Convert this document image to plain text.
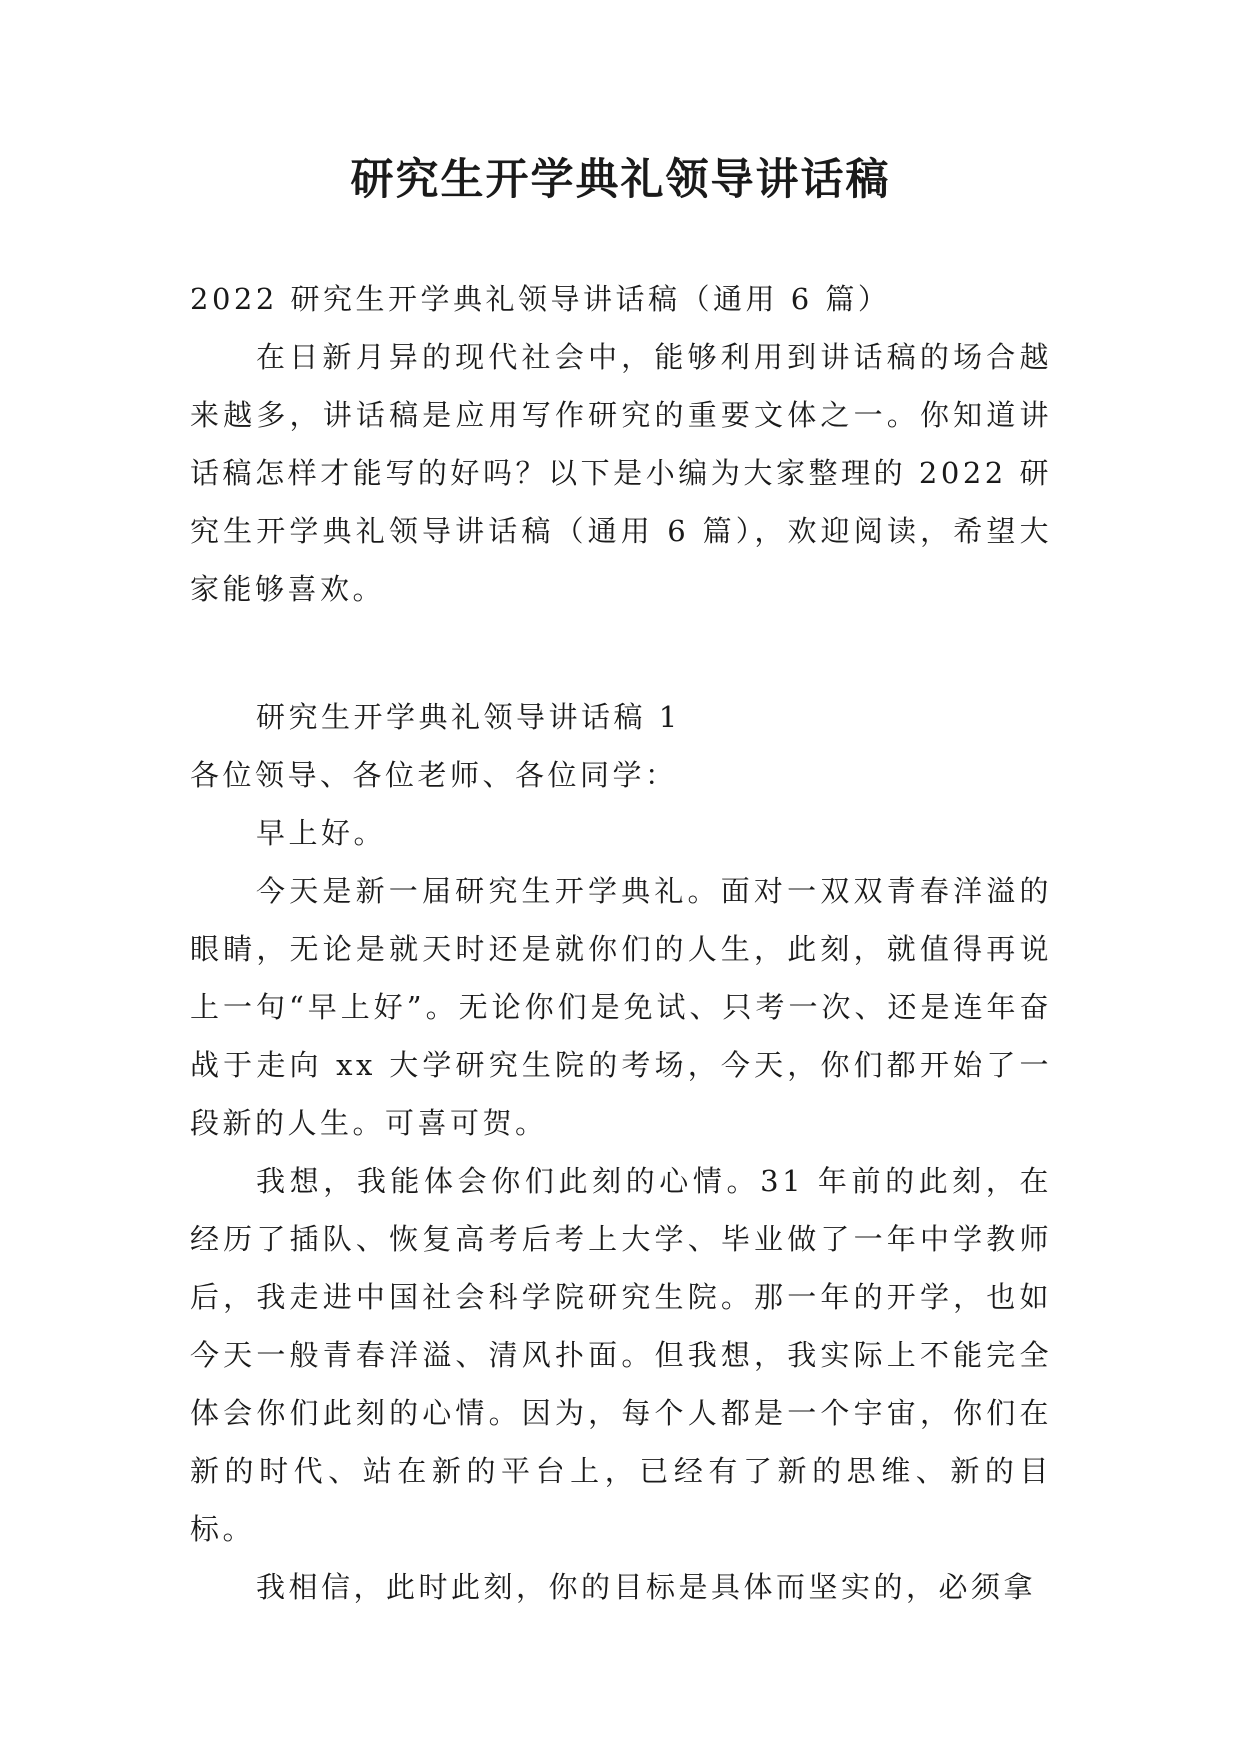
研究生开学典礼领导讲话稿

2022 研究生开学典礼领导讲话稿（通用 6 篇）

在日新月异的现代社会中，能够利用到讲话稿的场合越来越多，讲话稿是应用写作研究的重要文体之一。你知道讲话稿怎样才能写的好吗？以下是小编为大家整理的 2022 研究生开学典礼领导讲话稿（通用 6 篇），欢迎阅读，希望大家能够喜欢。

研究生开学典礼领导讲话稿 1

各位领导、各位老师、各位同学：

早上好。

今天是新一届研究生开学典礼。面对一双双青春洋溢的眼睛，无论是就天时还是就你们的人生，此刻，就值得再说上一句“早上好”。无论你们是免试、只考一次、还是连年奋战于走向 xx 大学研究生院的考场，今天，你们都开始了一段新的人生。可喜可贺。

我想，我能体会你们此刻的心情。31 年前的此刻，在经历了插队、恢复高考后考上大学、毕业做了一年中学教师后，我走进中国社会科学院研究生院。那一年的开学，也如今天一般青春洋溢、清风扑面。但我想，我实际上不能完全体会你们此刻的心情。因为，每个人都是一个宇宙，你们在新的时代、站在新的平台上，已经有了新的思维、新的目标。

我相信，此时此刻，你的目标是具体而坚实的，必须拿
